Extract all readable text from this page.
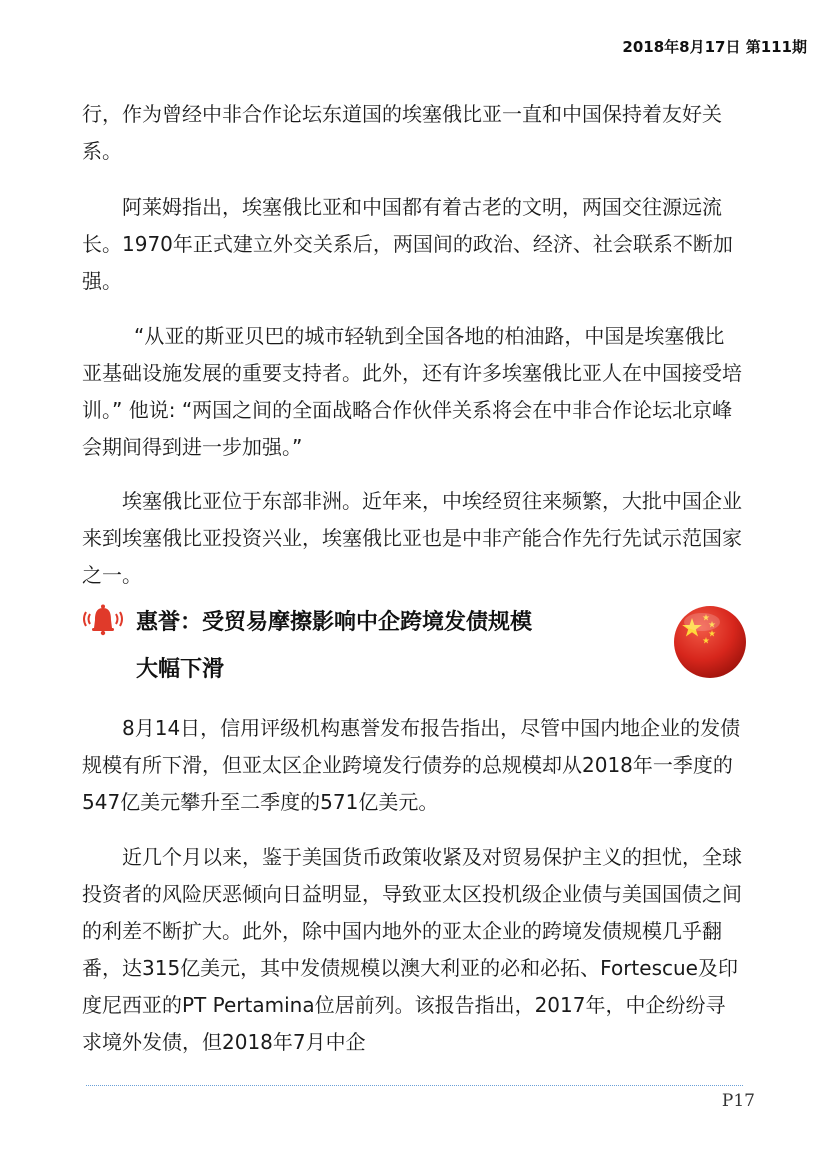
2018年8月17日 第111期

行，作为曾经中非合作论坛东道国的埃塞俄比亚一直和中国保持着友好关系。

阿莱姆指出，埃塞俄比亚和中国都有着古老的文明，两国交往源远流长。1970年正式建立外交关系后，两国间的政治、经济、社会联系不断加强。

“从亚的斯亚贝巴的城市轻轨到全国各地的柏油路，中国是埃塞俄比亚基础设施发展的重要支持者。此外，还有许多埃塞俄比亚人在中国接受培训。” 他说: “两国之间的全面战略合作伙伴关系将会在中非合作论坛北京峰会期间得到进一步加强。”

埃塞俄比亚位于东部非洲。近年来，中埃经贸往来频繁，大批中国企业来到埃塞俄比亚投资兴业，埃塞俄比亚也是中非产能合作先行先试示范国家之一。

惠誉：受贸易摩擦影响中企跨境发债规模
大幅下滑

8月14日，信用评级机构惠誉发布报告指出，尽管中国内地企业的发债规模有所下滑，但亚太区企业跨境发行债券的总规模却从2018年一季度的547亿美元攀升至二季度的571亿美元。

近几个月以来，鉴于美国货币政策收紧及对贸易保护主义的担忧，全球投资者的风险厌恶倾向日益明显，导致亚太区投机级企业债与美国国债之间的利差不断扩大。此外，除中国内地外的亚太企业的跨境发债规模几乎翻番，达315亿美元，其中发债规模以澳大利亚的必和必拓、Fortescue及印度尼西亚的PT Pertamina位居前列。该报告指出，2017年，中企纷纷寻求境外发债，但2018年7月中企

P17
